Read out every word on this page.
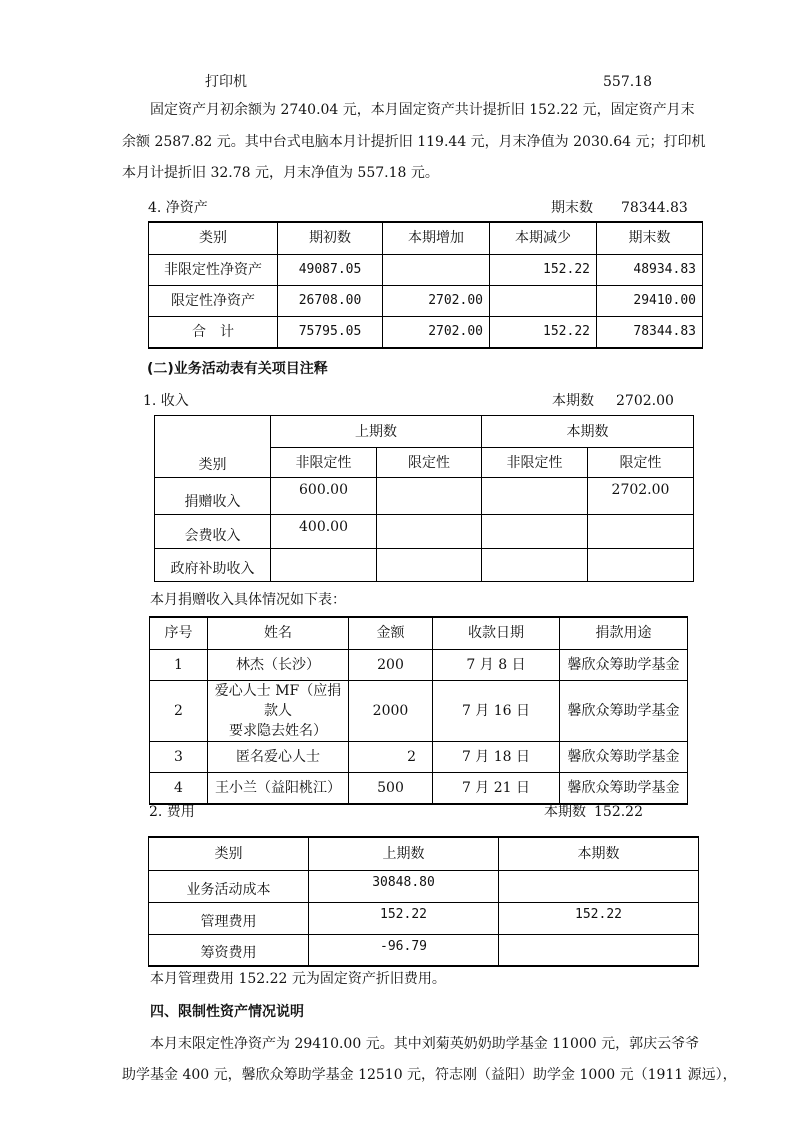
打印机	557.18
固定资产月初余额为 2740.04 元，本月固定资产共计提折旧 152.22 元，固定资产月末
余额 2587.82 元。其中台式电脑本月计提折旧 119.44 元，月末净值为 2030.64 元；打印机
本月计提折旧 32.78 元，月末净值为 557.18 元。
4. 净资产	期末数 78344.83
类别	期初数	本期增加	本期减少	期末数
非限定性净资产	49087.05		152.22	48934.83
限定性净资产	26708.00	2702.00		29410.00
合　计	75795.05	2702.00	152.22	78344.83
(二)业务活动表有关项目注释
1. 收入	本期数 2702.00
类别	上期数		本期数	
	非限定性	限定性	非限定性	限定性
捐赠收入	600.00			2702.00
会费收入	400.00			
政府补助收入				
本月捐赠收入具体情况如下表：
序号	姓名	金额	收款日期	捐款用途
1	林杰（长沙）	200	7 月 8 日	馨欣众筹助学基金
2	爱心人士 MF（应捐款人
要求隐去姓名）	2000	7 月 16 日	馨欣众筹助学基金
3	匿名爱心人士	2	7 月 18 日	馨欣众筹助学基金
4	王小兰（益阳桃江）	500	7 月 21 日	馨欣众筹助学基金
2. 费用	本期数 152.22
类别	上期数	本期数
业务活动成本	30848.80	
管理费用	152.22	152.22
筹资费用	-96.79	
本月管理费用 152.22 元为固定资产折旧费用。
四、限制性资产情况说明
本月末限定性净资产为 29410.00 元。其中刘菊英奶奶助学基金 11000 元，郭庆云爷爷
助学基金 400 元，馨欣众筹助学基金 12510 元，符志刚（益阳）助学金 1000 元（1911 源远），
